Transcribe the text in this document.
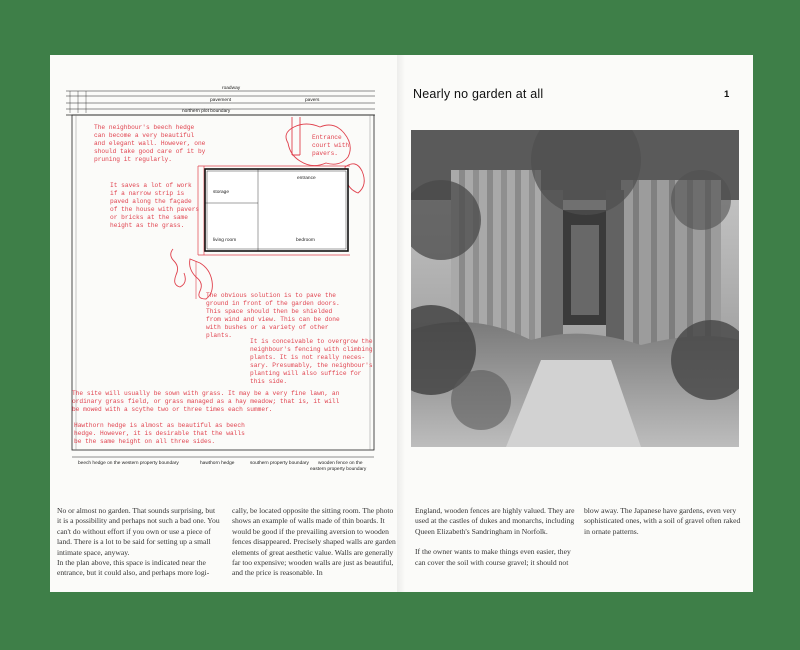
roadway
pavement	pavers
northern plot boundary
beech hedge on the western property boundary	hawthorn hedge	southern property boundary wooden fence on the
eastern property boundary
storage
entrance
living room	bedroom
The neighbour's beech hedge can become a very beautiful and elegant wall. However, one should take good care of it by pruning it regularly.
Entrance court with pavers.
It saves a lot of work if a narrow strip is paved along the façade of the house with pavers or bricks at the same height as the grass.
The obvious solution is to pave the ground in front of the garden doors. This space should then be shielded from wind and view. This can be done with bushes or a variety of other plants.
It is conceivable to overgrow the neighbour's fencing with climbing plants. It is not really neces- sary. Presumably, the neighbour's planting will also suffice for this side.
The site will usually be sown with grass. It may be a very fine lawn, an ordinary grass field, or grass managed as a hay meadow; that is, it will be mowed with a scythe two or three times each summer.
Hawthorn hedge is almost as beautiful as beech hedge. However, it is desirable that the walls be the same height on all three sides.
Nearly no garden at all	1

No or almost no garden. That sounds surprising, but it is a possibility and perhaps not such a bad one. You can't do without effort if you own or use a piece of land. There is a lot to be said for setting up a small intimate space, anyway.

In the plan above, this space is indicated near the entrance, but it could also, and perhaps more logi-

cally, be located opposite the sitting room. The photo shows an example of walls made of thin boards. It would be good if the prevailing aversion to wooden fences disappeared. Precisely shaped walls are garden elements of great aesthetic value. Walls are generally far too expensive; wooden walls are just as beautiful, and the price is reasonable. In

England, wooden fences are highly valued. They are used at the castles of dukes and monarchs, including Queen Elizabeth's Sandringham in Norfolk.

If the owner wants to make things even easier, they can cover the soil with course gravel; it should not

blow away. The Japanese have gardens, even very sophisticated ones, with a soil of gravel often raked in ornate patterns.
